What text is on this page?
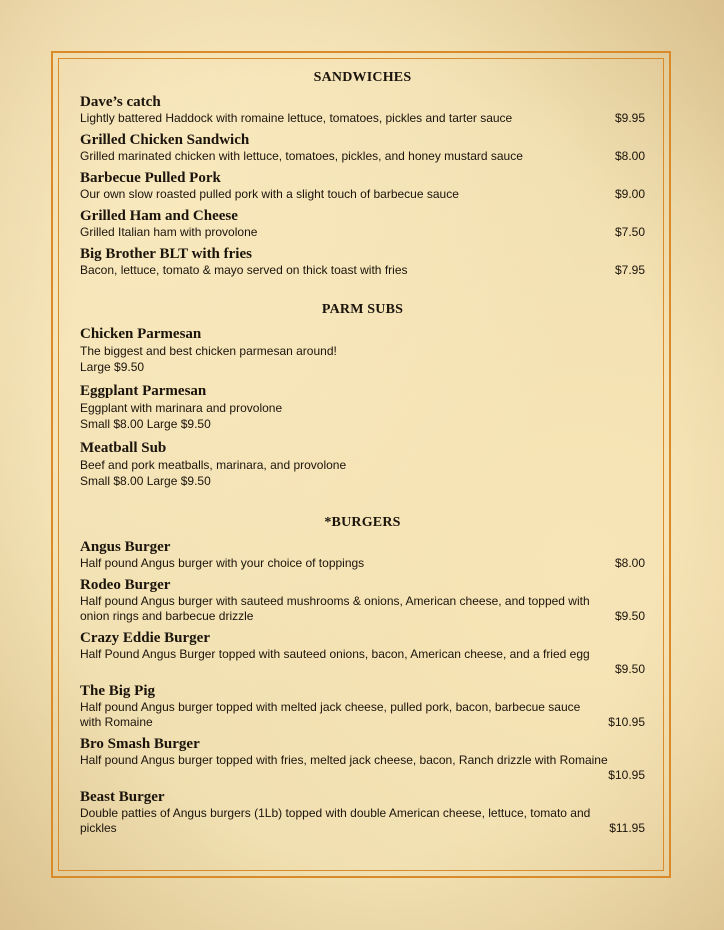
SANDWICHES
Dave’s catch
Lightly battered Haddock with romaine lettuce, tomatoes, pickles and tarter sauce	$9.95
Grilled Chicken Sandwich
Grilled marinated chicken with lettuce, tomatoes, pickles, and honey mustard sauce	$8.00
Barbecue Pulled Pork
Our own slow roasted pulled pork with a slight touch of barbecue sauce	$9.00
Grilled Ham and Cheese
Grilled Italian ham with provolone	$7.50
Big Brother BLT with fries
Bacon, lettuce, tomato & mayo served on thick toast with fries	$7.95
PARM SUBS
Chicken Parmesan
The biggest and best chicken parmesan around!
Large $9.50
Eggplant Parmesan
Eggplant with marinara and provolone
Small $8.00 Large $9.50
Meatball Sub
Beef and pork meatballs, marinara, and provolone
Small $8.00 Large $9.50
*BURGERS
Angus Burger
Half pound Angus burger with your choice of toppings	$8.00
Rodeo Burger
Half pound Angus burger with sauteed mushrooms & onions, American cheese, and topped with onion rings and barbecue drizzle	$9.50
Crazy Eddie Burger
Half Pound Angus Burger topped with sauteed onions, bacon, American cheese, and a fried egg
$9.50
The Big Pig
Half pound Angus burger topped with melted jack cheese, pulled pork, bacon, barbecue sauce with Romaine	$10.95
Bro Smash Burger
Half pound Angus burger topped with fries, melted jack cheese, bacon, Ranch drizzle with Romaine
$10.95
Beast Burger
Double patties of Angus burgers (1Lb) topped with double American cheese, lettuce, tomato and pickles	$11.95
